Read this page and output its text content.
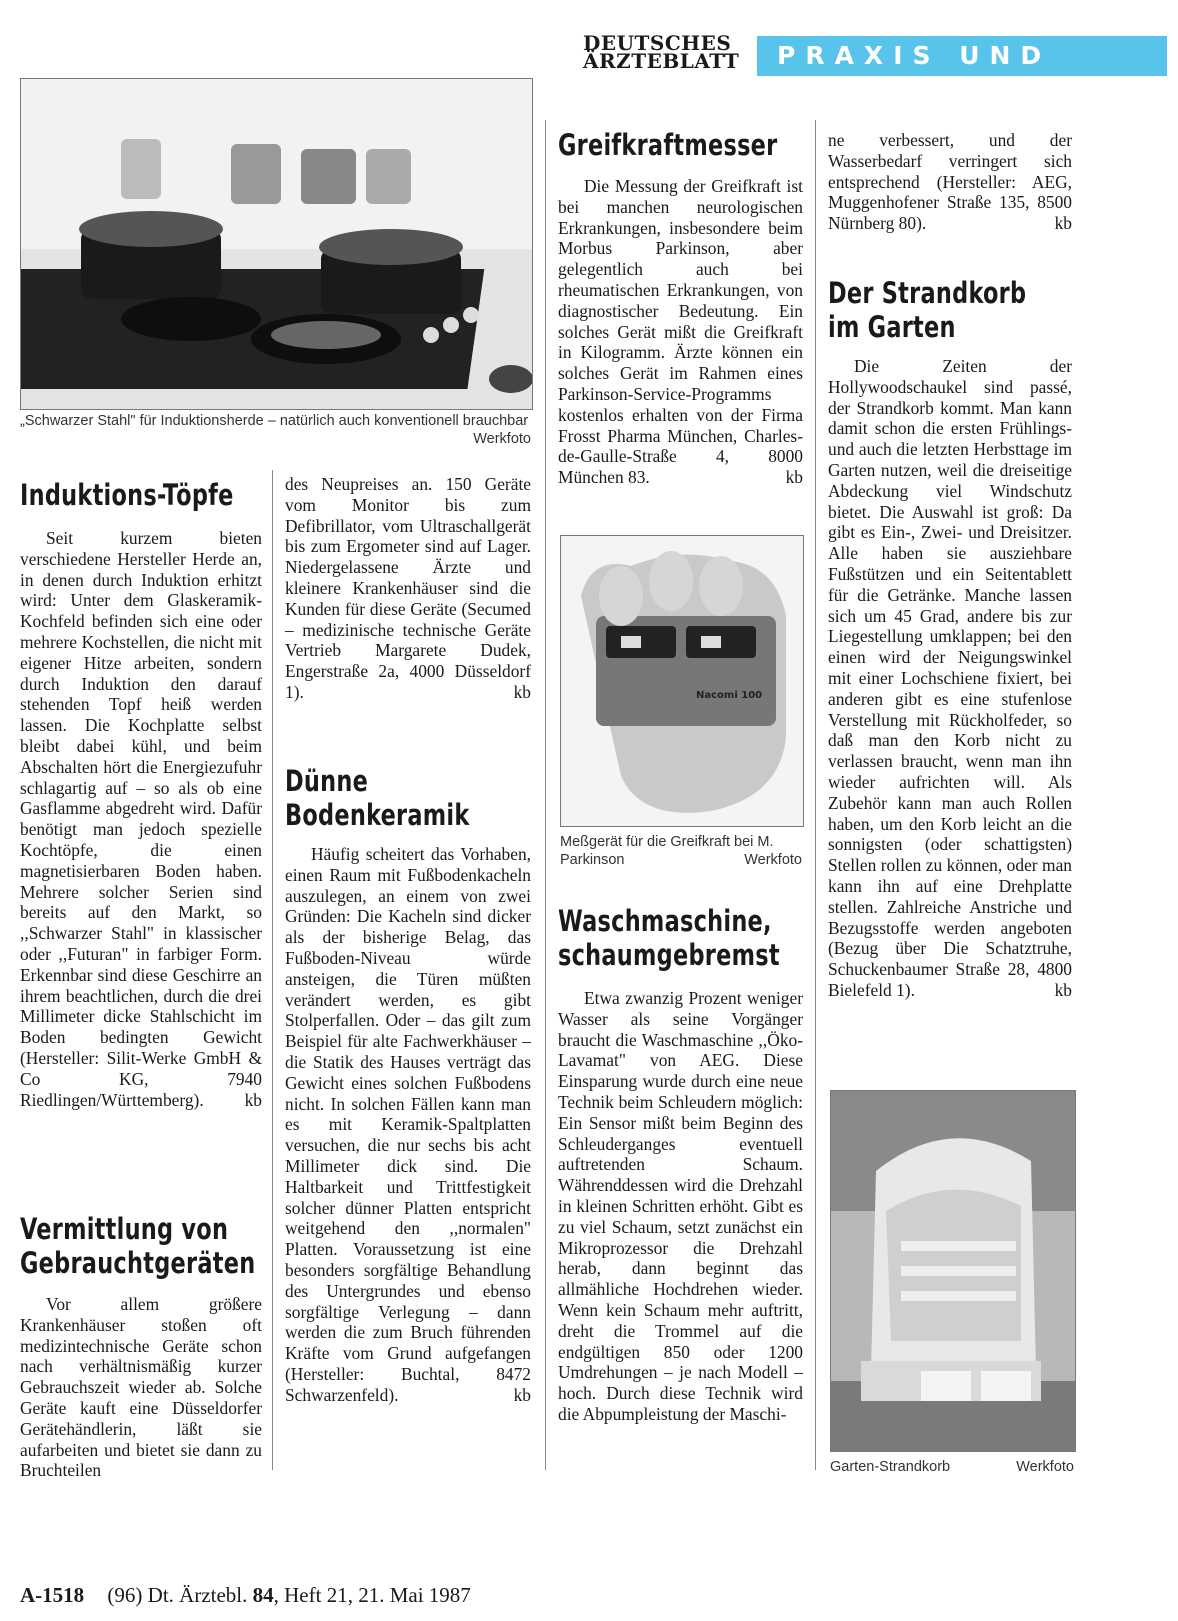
DEUTSCHES
ÄRZTEBLATT	PRAXIS UND HAUS
„Schwarzer Stahl" für Induktionsherde – natürlich auch konventionell brauchbar
Werkfoto
Induktions-Töpfe

Seit kurzem bieten verschiedene Hersteller Herde an, in denen durch Induktion erhitzt wird: Unter dem Glaskeramik-Kochfeld befinden sich eine oder mehrere Kochstellen, die nicht mit eigener Hitze arbeiten, sondern durch Induktion den darauf stehenden Topf heiß werden lassen. Die Kochplatte selbst bleibt dabei kühl, und beim Abschalten hört die Energiezufuhr schlagartig auf – so als ob eine Gasflamme abgedreht wird. Dafür benötigt man jedoch spezielle Kochtöpfe, die einen magnetisierbaren Boden haben. Mehrere solcher Serien sind bereits auf den Markt, so ,,Schwarzer Stahl" in klassischer oder ,,Futuran" in farbiger Form. Erkennbar sind diese Geschirre an ihrem beachtlichen, durch die drei Millimeter dicke Stahlschicht im Boden bedingten Gewicht (Hersteller: Silit-Werke GmbH & Co KG, 7940 Riedlingen/Württemberg).	kb

Vermittlung von
Gebrauchtgeräten

Vor allem größere Krankenhäuser stoßen oft medizintechnische Geräte schon nach verhältnismäßig kurzer Gebrauchszeit wieder ab. Solche Geräte kauft eine Düsseldorfer Gerätehändlerin, läßt sie aufarbeiten und bietet sie dann zu Bruchteilen

des Neupreises an. 150 Geräte vom Monitor bis zum Defibrillator, vom Ultraschallgerät bis zum Ergometer sind auf Lager. Niedergelassene Ärzte und kleinere Krankenhäuser sind die Kunden für diese Geräte (Secumed – medizinische technische Geräte Vertrieb Margarete Dudek, Engerstraße 2a, 4000 Düsseldorf 1).	kb

Dünne
Bodenkeramik

Häufig scheitert das Vorhaben, einen Raum mit Fußbodenkacheln auszulegen, an einem von zwei Gründen: Die Kacheln sind dicker als der bisherige Belag, das Fußboden-Niveau würde ansteigen, die Türen müßten verändert werden, es gibt Stolperfallen. Oder – das gilt zum Beispiel für alte Fachwerkhäuser – die Statik des Hauses verträgt das Gewicht eines solchen Fußbodens nicht. In solchen Fällen kann man es mit Keramik-Spaltplatten versuchen, die nur sechs bis acht Millimeter dick sind. Die Haltbarkeit und Trittfestigkeit solcher dünner Platten entspricht weitgehend den ,,normalen" Platten. Voraussetzung ist eine besonders sorgfältige Behandlung des Untergrundes und ebenso sorgfältige Verlegung – dann werden die zum Bruch führenden Kräfte vom Grund aufgefangen (Hersteller: Buchtal, 8472 Schwarzenfeld).	kb

Greifkraftmesser

Die Messung der Greifkraft ist bei manchen neurologischen Erkrankungen, insbesondere beim Morbus Parkinson, aber gelegentlich auch bei rheumatischen Erkrankungen, von diagnostischer Bedeutung. Ein solches Gerät mißt die Greifkraft in Kilogramm. Ärzte können ein solches Gerät im Rahmen eines Parkinson-Service-Programms kostenlos erhalten von der Firma Frosst Pharma München, Charles-de-Gaulle-Straße 4, 8000 München 83.	kb

Nacomi 100
Meßgerät für die Greifkraft bei M. Parkinson	Werkfoto
Waschmaschine,
schaumgebremst

Etwa zwanzig Prozent weniger Wasser als seine Vorgänger braucht die Waschmaschine ,,Öko-Lavamat" von AEG. Diese Einsparung wurde durch eine neue Technik beim Schleudern möglich: Ein Sensor mißt beim Beginn des Schleuderganges eventuell auftretenden Schaum. Währenddessen wird die Drehzahl in kleinen Schritten erhöht. Gibt es zu viel Schaum, setzt zunächst ein Mikroprozessor die Drehzahl herab, dann beginnt das allmähliche Hochdrehen wieder. Wenn kein Schaum mehr auftritt, dreht die Trommel auf die endgültigen 850 oder 1200 Umdrehungen – je nach Modell – hoch. Durch diese Technik wird die Abpumpleistung der Maschi-

ne verbessert, und der Wasserbedarf verringert sich entsprechend (Hersteller: AEG, Muggenhofener Straße 135, 8500 Nürnberg 80).	kb

Der Strandkorb
im Garten

Die Zeiten der Hollywoodschaukel sind passé, der Strandkorb kommt. Man kann damit schon die ersten Frühlings- und auch die letzten Herbsttage im Garten nutzen, weil die dreiseitige Abdeckung viel Windschutz bietet. Die Auswahl ist groß: Da gibt es Ein-, Zwei- und Dreisitzer. Alle haben sie ausziehbare Fußstützen und ein Seitentablett für die Getränke. Manche lassen sich um 45 Grad, andere bis zur Liegestellung umklappen; bei den einen wird der Neigungswinkel mit einer Lochschiene fixiert, bei anderen gibt es eine stufenlose Verstellung mit Rückholfeder, so daß man den Korb nicht zu verlassen braucht, wenn man ihn wieder aufrichten will. Als Zubehör kann man auch Rollen haben, um den Korb leicht an die sonnigsten (oder schattigsten) Stellen rollen zu können, oder man kann ihn auf eine Drehplatte stellen. Zahlreiche Anstriche und Bezugsstoffe werden angeboten (Bezug über Die Schatztruhe, Schuckenbaumer Straße 28, 4800 Bielefeld 1).	kb

Garten-Strandkorb	Werkfoto
A-1518 (96) Dt. Ärztebl. 84, Heft 21, 21. Mai 1987
